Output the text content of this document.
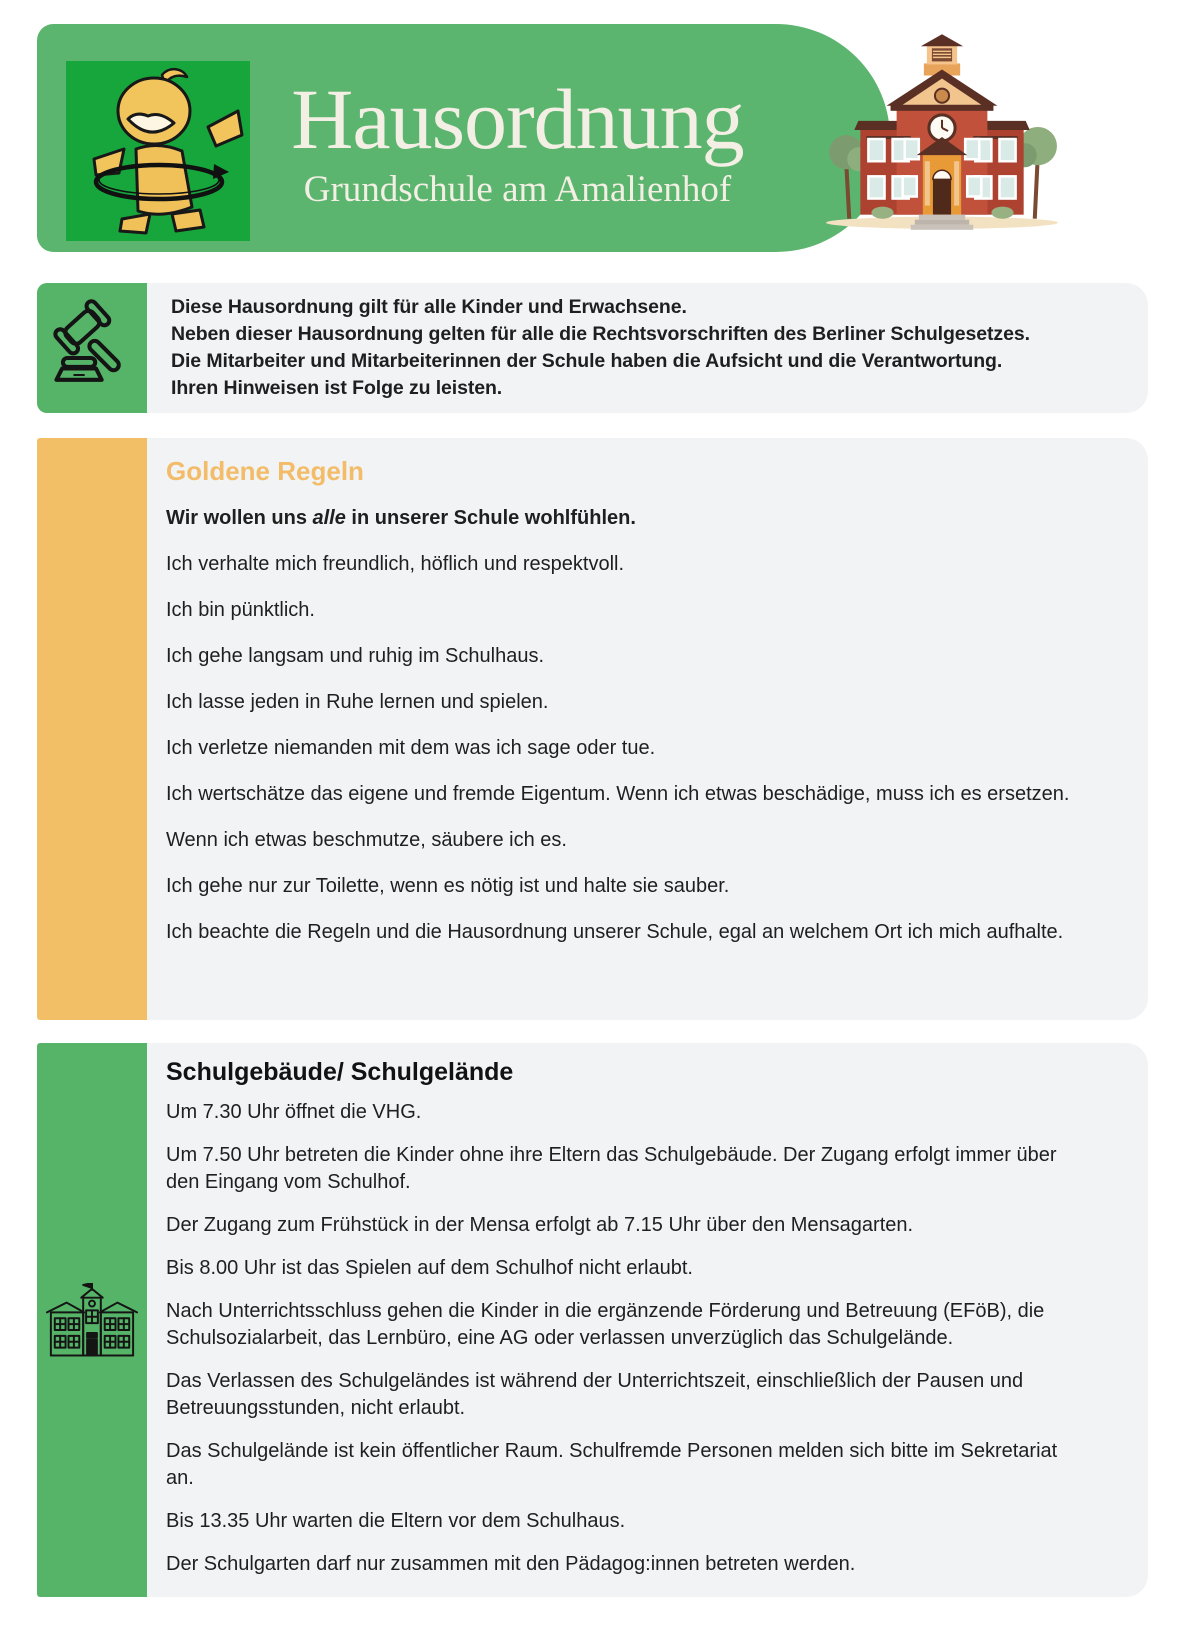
Hausordnung
Grundschule am Amalienhof
Diese Hausordnung gilt für alle Kinder und Erwachsene.
Neben dieser Hausordnung gelten für alle die Rechtsvorschriften des Berliner Schulgesetzes.
Die Mitarbeiter und Mitarbeiterinnen der Schule haben die Aufsicht und die Verantwortung.
Ihren Hinweisen ist Folge zu leisten.
Goldene Regeln

Wir wollen uns alle in unserer Schule wohlfühlen.

Ich verhalte mich freundlich, höflich und respektvoll.

Ich bin pünktlich.

Ich gehe langsam und ruhig im Schulhaus.

Ich lasse jeden in Ruhe lernen und spielen.

Ich verletze niemanden mit dem was ich sage oder tue.

Ich wertschätze das eigene und fremde Eigentum. Wenn ich etwas beschädige, muss ich es ersetzen. Wenn ich etwas beschmutze, säubere ich es.

Ich gehe nur zur Toilette, wenn es nötig ist und halte sie sauber.

Ich beachte die Regeln und die Hausordnung unserer Schule, egal an welchem Ort ich mich aufhalte.

Schulgebäude/ Schulgelände

Um 7.30 Uhr öffnet die VHG.

Um 7.50 Uhr betreten die Kinder ohne ihre Eltern das Schulgebäude. Der Zugang erfolgt immer über den Eingang vom Schulhof.

Der Zugang zum Frühstück in der Mensa erfolgt ab 7.15 Uhr über den Mensagarten.

Bis 8.00 Uhr ist das Spielen auf dem Schulhof nicht erlaubt.

Nach Unterrichtsschluss gehen die Kinder in die ergänzende Förderung und Betreuung (EFöB), die Schulsozialarbeit, das Lernbüro, eine AG oder verlassen unverzüglich das Schulgelände.

Das Verlassen des Schulgeländes ist während der Unterrichtszeit, einschließlich der Pausen und Betreuungsstunden, nicht erlaubt.

Das Schulgelände ist kein öffentlicher Raum. Schulfremde Personen melden sich bitte im Sekretariat an.

Bis 13.35 Uhr warten die Eltern vor dem Schulhaus.

Der Schulgarten darf nur zusammen mit den Pädagog:innen betreten werden.
